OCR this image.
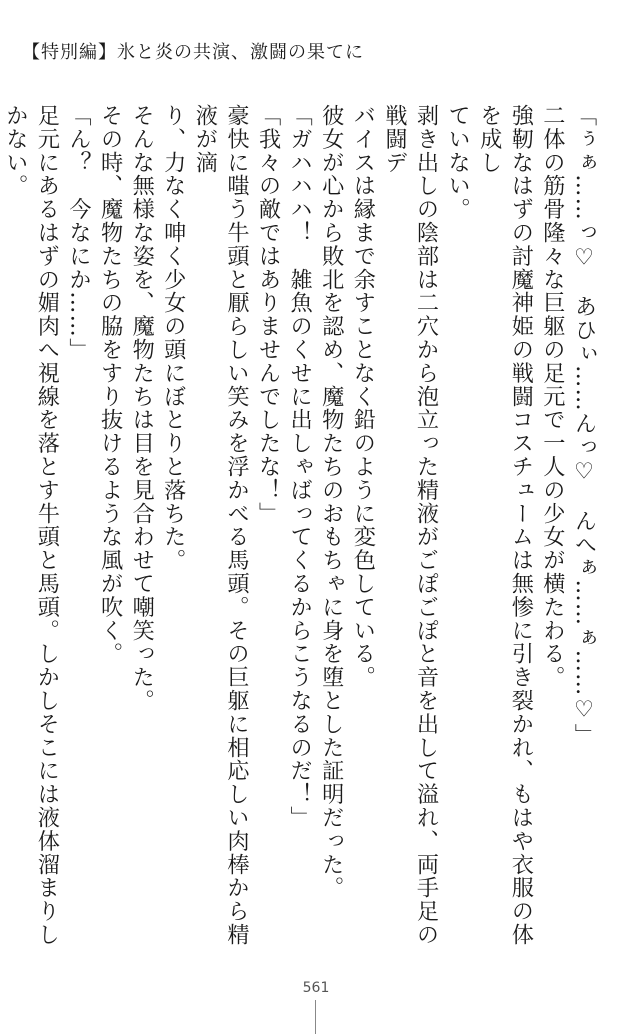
【特別編】氷と炎の共演、激闘の果てに
「ぅぁ……っ♡　あひぃ……んっ♡　んへぁ……ぁ……♡」
二体の筋骨隆々な巨躯の足元で一人の少女が横たわる。
強靭なはずの討魔神姫の戦闘コスチュームは無惨に引き裂かれ、もはや衣服の体を成し
ていない。
剥き出しの陰部は二穴から泡立った精液がごぽごぽと音を出して溢れ、両手足の戦闘デ
バイスは縁まで余すことなく鉛のように変色している。
彼女が心から敗北を認め、魔物たちのおもちゃに身を堕とした証明だった。
「ガハハハ！　雑魚のくせに出しゃばってくるからこうなるのだ！」
「我々の敵ではありませんでしたな！」
豪快に嗤う牛頭と厭らしい笑みを浮かべる馬頭。その巨躯に相応しい肉棒から精液が滴
り、力なく呻く少女の頭にぼとりと落ちた。
そんな無様な姿を、魔物たちは目を見合わせて嘲笑った。
その時、魔物たちの脇をすり抜けるような風が吹く。
「ん？　今なにか……」
足元にあるはずの媚肉へ視線を落とす牛頭と馬頭。しかしそこには液体溜まりしかない。
561
